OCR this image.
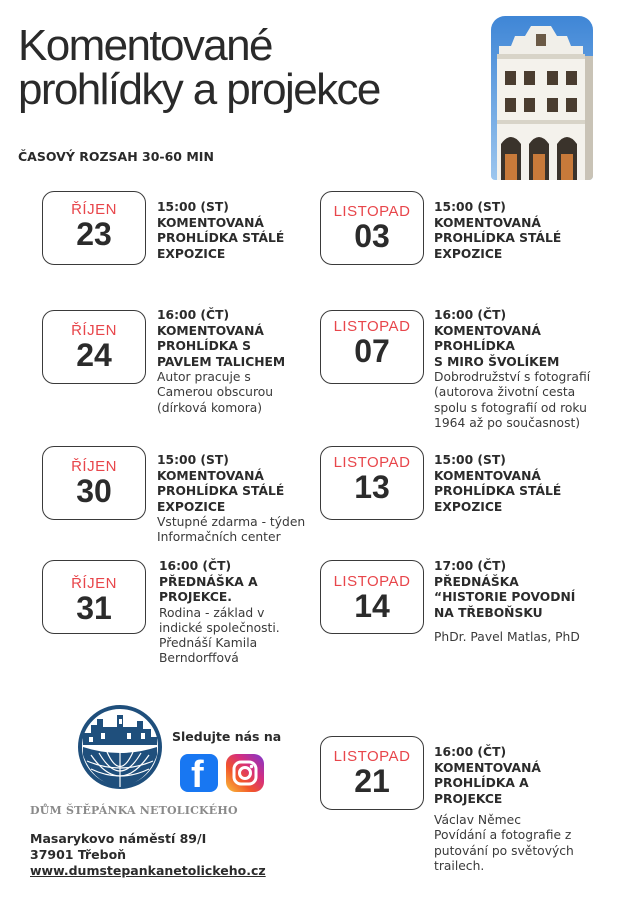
Komentované
prohlídky a projekce
ČASOVÝ ROZSAH 30-60 MIN
ŘÍJEN
23
15:00 (ST)
KOMENTOVANÁ
PROHLÍDKA STÁLÉ
EXPOZICE
ŘÍJEN
24
16:00 (ČT)
KOMENTOVANÁ
PROHLÍDKA S
PAVLEM TALICHEM
Autor pracuje s
Camerou obscurou
(dírková komora)
ŘÍJEN
30
15:00 (ST)
KOMENTOVANÁ
PROHLÍDKA STÁLÉ
EXPOZICE
Vstupné zdarma - týden
Informačních center
ŘÍJEN
31
16:00 (ČT)
PŘEDNÁŠKA A
PROJEKCE.
Rodina - základ v
indické společnosti.
Přednáší Kamila
Berndorffová
LISTOPAD
03
15:00 (ST)
KOMENTOVANÁ
PROHLÍDKA STÁLÉ
EXPOZICE
LISTOPAD
07
16:00 (ČT)
KOMENTOVANÁ
PROHLÍDKA
S MIRO ŠVOLÍKEM
Dobrodružství s fotografií
(autorova životní cesta
spolu s fotografií od roku
1964 až po současnost)
LISTOPAD
13
15:00 (ST)
KOMENTOVANÁ
PROHLÍDKA STÁLÉ
EXPOZICE
LISTOPAD
14
17:00 (ČT)
PŘEDNÁŠKA
“HISTORIE POVODNÍ
NA TŘEBOŇSKU
PhDr. Pavel Matlas, PhD
LISTOPAD
21
16:00 (ČT)
KOMENTOVANÁ
PROHLÍDKA A
PROJEKCE
Václav Němec
Povídání a fotografie z
putování po světových
trailech.
DŮM ŠTĚPÁNKA NETOLICKÉHO
Sledujte nás na
f
Masarykovo náměstí 89/I
37901 Třeboň
www.dumstepankanetolickeho.cz
